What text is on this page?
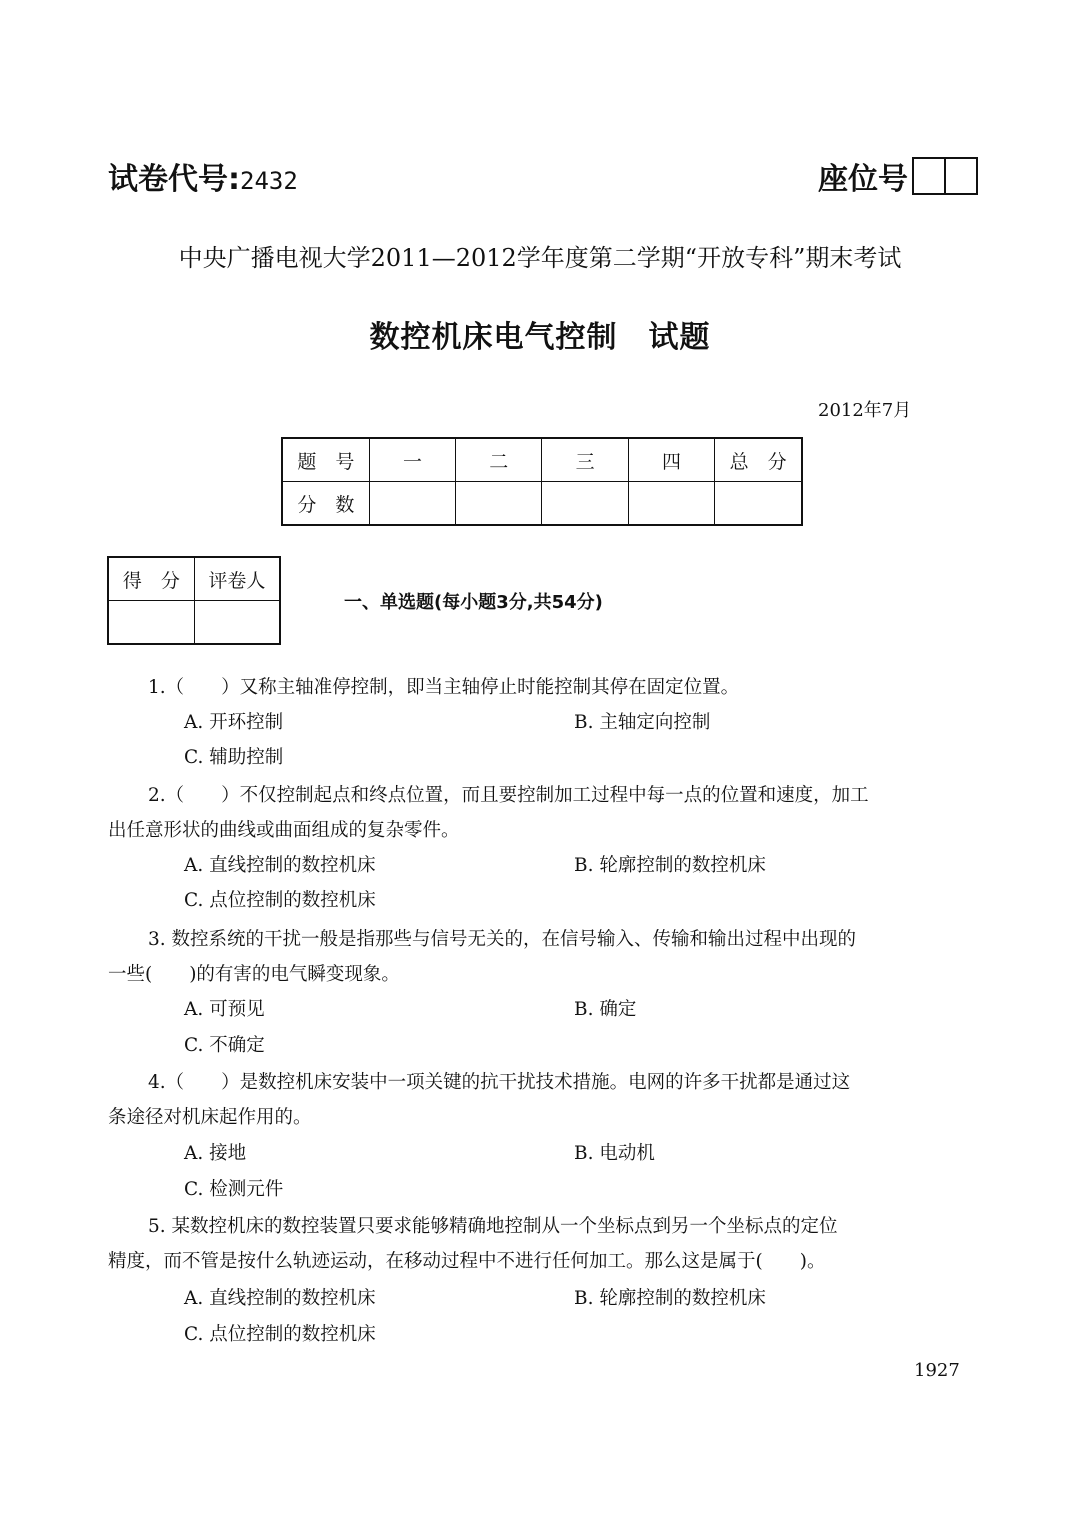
试卷代号:2432	座位号
中央广播电视大学2011—2012学年度第二学期“开放专科”期末考试
数控机床电气控制　试题
2012年7月
题　号	一	二	三	四	总　分
分　数					
得　分	评卷人

一、单选题(每小题3分,共54分)
1.（　　）又称主轴准停控制，即当主轴停止时能控制其停在固定位置。
A. 开环控制	B. 主轴定向控制
C. 辅助控制
2.（　　）不仅控制起点和终点位置，而且要控制加工过程中每一点的位置和速度，加工
出任意形状的曲线或曲面组成的复杂零件。
A. 直线控制的数控机床	B. 轮廓控制的数控机床
C. 点位控制的数控机床
3. 数控系统的干扰一般是指那些与信号无关的，在信号输入、传输和输出过程中出现的
一些(　　)的有害的电气瞬变现象。
A. 可预见	B. 确定
C. 不确定
4.（　　）是数控机床安装中一项关键的抗干扰技术措施。电网的许多干扰都是通过这
条途径对机床起作用的。
A. 接地	B. 电动机
C. 检测元件
5. 某数控机床的数控装置只要求能够精确地控制从一个坐标点到另一个坐标点的定位
精度，而不管是按什么轨迹运动，在移动过程中不进行任何加工。那么这是属于(　　)。
A. 直线控制的数控机床	B. 轮廓控制的数控机床
C. 点位控制的数控机床
1927
